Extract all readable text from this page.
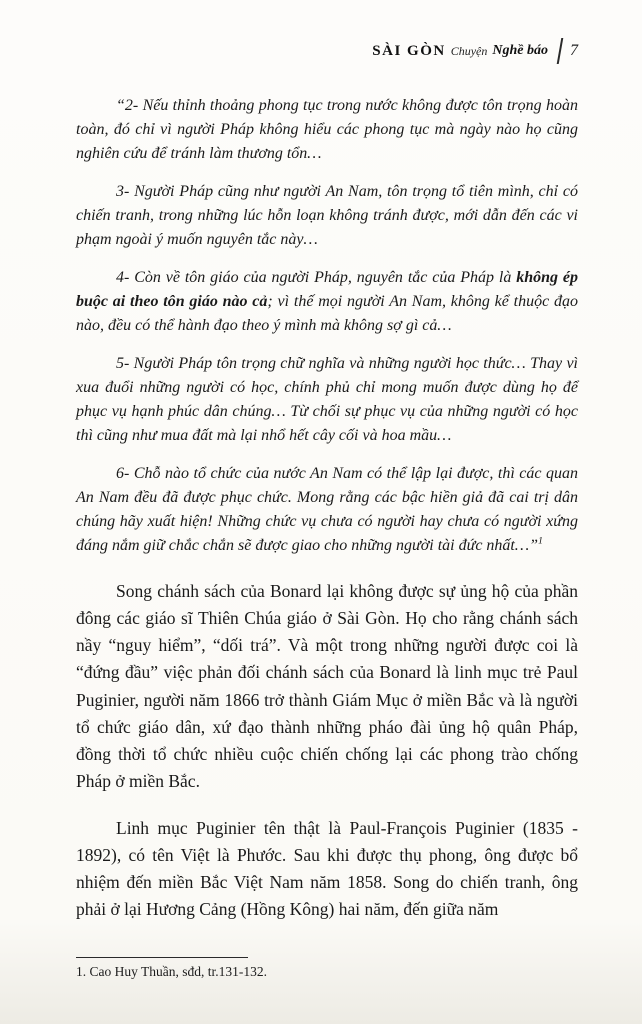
SÀI GÒN Chuyện Nghề báo 7

“2- Nếu thỉnh thoảng phong tục trong nước không được tôn trọng hoàn toàn, đó chỉ vì người Pháp không hiểu các phong tục mà ngày nào họ cũng nghiên cứu để tránh làm thương tổn…

3- Người Pháp cũng như người An Nam, tôn trọng tổ tiên mình, chỉ có chiến tranh, trong những lúc hỗn loạn không tránh được, mới dẫn đến các vi phạm ngoài ý muốn nguyên tắc này…

4- Còn về tôn giáo của người Pháp, nguyên tắc của Pháp là không ép buộc ai theo tôn giáo nào cả; vì thế mọi người An Nam, không kể thuộc đạo nào, đều có thể hành đạo theo ý mình mà không sợ gì cả…

5- Người Pháp tôn trọng chữ nghĩa và những người học thức… Thay vì xua đuổi những người có học, chính phủ chỉ mong muốn được dùng họ để phục vụ hạnh phúc dân chúng… Từ chối sự phục vụ của những người có học thì cũng như mua đất mà lại nhổ hết cây cối và hoa mầu…

6- Chỗ nào tổ chức của nước An Nam có thể lập lại được, thì các quan An Nam đều đã được phục chức. Mong rằng các bậc hiền giả đã cai trị dân chúng hãy xuất hiện! Những chức vụ chưa có người hay chưa có người xứng đáng nắm giữ chắc chắn sẽ được giao cho những người tài đức nhất…”$^1$

Song chánh sách của Bonard lại không được sự ủng hộ của phần đông các giáo sĩ Thiên Chúa giáo ở Sài Gòn. Họ cho rằng chánh sách nầy “nguy hiểm”, “dối trá”. Và một trong những người được coi là “đứng đầu” việc phản đối chánh sách của Bonard là linh mục trẻ Paul Puginier, người năm 1866 trở thành Giám Mục ở miền Bắc và là người tổ chức giáo dân, xứ đạo thành những pháo đài ủng hộ quân Pháp, đồng thời tổ chức nhiều cuộc chiến chống lại các phong trào chống Pháp ở miền Bắc.

Linh mục Puginier tên thật là Paul-François Puginier (1835 - 1892), có tên Việt là Phước. Sau khi được thụ phong, ông được bổ nhiệm đến miền Bắc Việt Nam năm 1858. Song do chiến tranh, ông phải ở lại Hương Cảng (Hồng Kông) hai năm, đến giữa năm

1. Cao Huy Thuần, sđd, tr.131-132.
